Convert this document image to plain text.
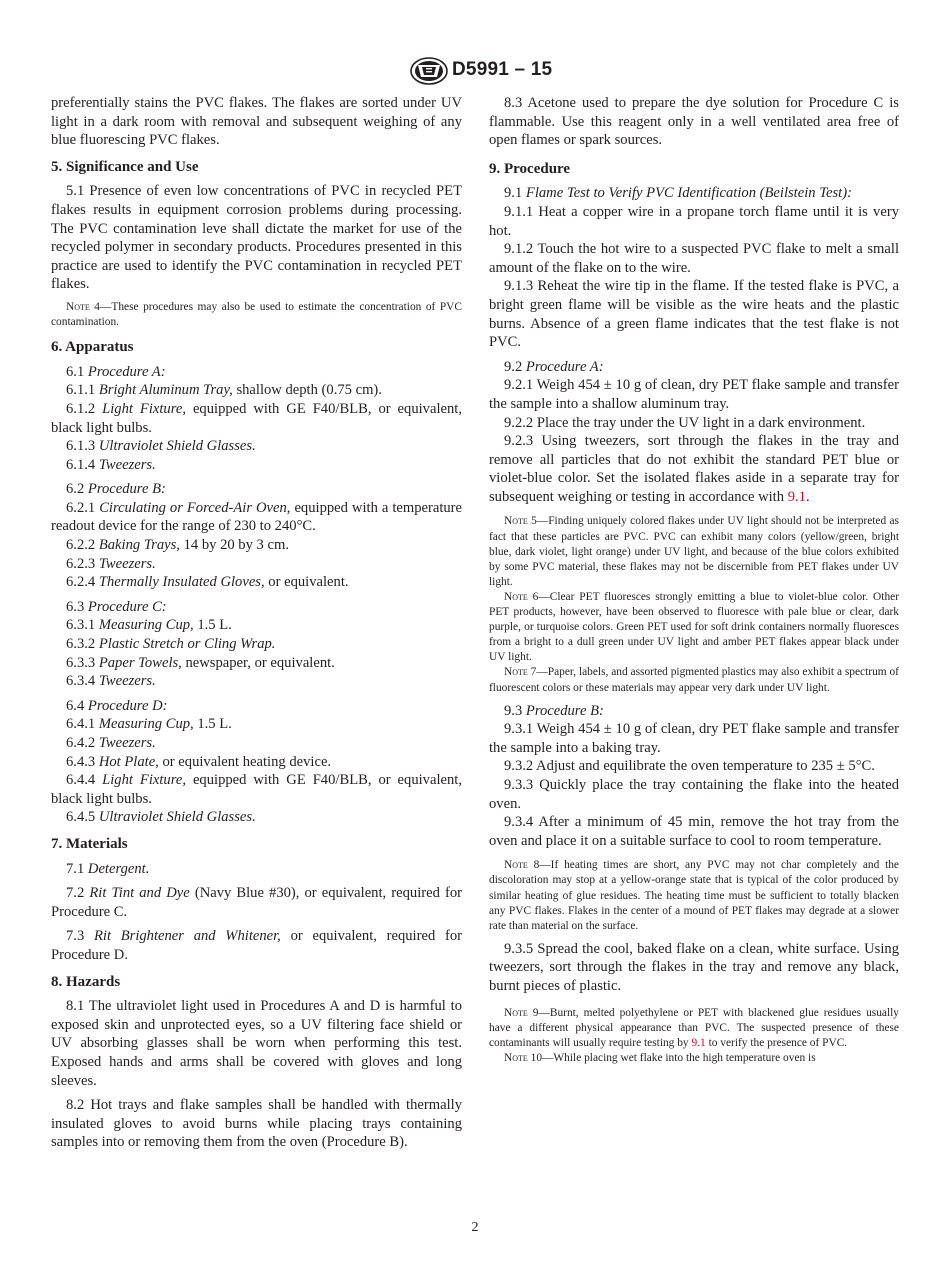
D5991 – 15

preferentially stains the PVC flakes. The flakes are sorted under UV light in a dark room with removal and subsequent weighing of any blue fluorescing PVC flakes.

5. Significance and Use

5.1 Presence of even low concentrations of PVC in recycled PET flakes results in equipment corrosion problems during processing. The PVC contamination leve shall dictate the market for use of the recycled polymer in secondary products. Procedures presented in this practice are used to identify the PVC contamination in recycled PET flakes.

Note 4—These procedures may also be used to estimate the concentration of PVC contamination.

6. Apparatus

6.1 Procedure A:

6.1.1 Bright Aluminum Tray, shallow depth (0.75 cm).

6.1.2 Light Fixture, equipped with GE F40/BLB, or equivalent, black light bulbs.

6.1.3 Ultraviolet Shield Glasses.

6.1.4 Tweezers.

6.2 Procedure B:

6.2.1 Circulating or Forced-Air Oven, equipped with a temperature readout device for the range of 230 to 240°C.

6.2.2 Baking Trays, 14 by 20 by 3 cm.

6.2.3 Tweezers.

6.2.4 Thermally Insulated Gloves, or equivalent.

6.3 Procedure C:

6.3.1 Measuring Cup, 1.5 L.

6.3.2 Plastic Stretch or Cling Wrap.

6.3.3 Paper Towels, newspaper, or equivalent.

6.3.4 Tweezers.

6.4 Procedure D:

6.4.1 Measuring Cup, 1.5 L.

6.4.2 Tweezers.

6.4.3 Hot Plate, or equivalent heating device.

6.4.4 Light Fixture, equipped with GE F40/BLB, or equivalent, black light bulbs.

6.4.5 Ultraviolet Shield Glasses.

7. Materials

7.1 Detergent.

7.2 Rit Tint and Dye (Navy Blue #30), or equivalent, required for Procedure C.

7.3 Rit Brightener and Whitener, or equivalent, required for Procedure D.

8. Hazards

8.1 The ultraviolet light used in Procedures A and D is harmful to exposed skin and unprotected eyes, so a UV filtering face shield or UV absorbing glasses shall be worn when performing this test. Exposed hands and arms shall be covered with gloves and long sleeves.

8.2 Hot trays and flake samples shall be handled with thermally insulated gloves to avoid burns while placing trays containing samples into or removing them from the oven (Procedure B).

8.3 Acetone used to prepare the dye solution for Procedure C is flammable. Use this reagent only in a well ventilated area free of open flames or spark sources.

9. Procedure

9.1 Flame Test to Verify PVC Identification (Beilstein Test):

9.1.1 Heat a copper wire in a propane torch flame until it is very hot.

9.1.2 Touch the hot wire to a suspected PVC flake to melt a small amount of the flake on to the wire.

9.1.3 Reheat the wire tip in the flame. If the tested flake is PVC, a bright green flame will be visible as the wire heats and the plastic burns. Absence of a green flame indicates that the test flake is not PVC.

9.2 Procedure A:

9.2.1 Weigh 454 ± 10 g of clean, dry PET flake sample and transfer the sample into a shallow aluminum tray.

9.2.2 Place the tray under the UV light in a dark environment.

9.2.3 Using tweezers, sort through the flakes in the tray and remove all particles that do not exhibit the standard PET blue or violet-blue color. Set the isolated flakes aside in a separate tray for subsequent weighing or testing in accordance with 9.1.

Note 5—Finding uniquely colored flakes under UV light should not be interpreted as fact that these particles are PVC. PVC can exhibit many colors (yellow/green, bright blue, dark violet, light orange) under UV light, and because of the blue colors exhibited by some PVC material, these flakes may not be discernible from PET flakes under UV light.

Note 6—Clear PET fluoresces strongly emitting a blue to violet-blue color. Other PET products, however, have been observed to fluoresce with pale blue or clear, dark purple, or turquoise colors. Green PET used for soft drink containers normally fluoresces from a bright to a dull green under UV light and amber PET flakes appear black under UV light.

Note 7—Paper, labels, and assorted pigmented plastics may also exhibit a spectrum of fluorescent colors or these materials may appear very dark under UV light.

9.3 Procedure B:

9.3.1 Weigh 454 ± 10 g of clean, dry PET flake sample and transfer the sample into a baking tray.

9.3.2 Adjust and equilibrate the oven temperature to 235 ± 5°C.

9.3.3 Quickly place the tray containing the flake into the heated oven.

9.3.4 After a minimum of 45 min, remove the hot tray from the oven and place it on a suitable surface to cool to room temperature.

Note 8—If heating times are short, any PVC may not char completely and the discoloration may stop at a yellow-orange state that is typical of the color produced by similar heating of glue residues. The heating time must be sufficient to totally blacken any PVC flakes. Flakes in the center of a mound of PET flakes may degrade at a slower rate than material on the surface.

9.3.5 Spread the cool, baked flake on a clean, white surface. Using tweezers, sort through the flakes in the tray and remove any black, burnt pieces of plastic.

Note 9—Burnt, melted polyethylene or PET with blackened glue residues usually have a different physical appearance than PVC. The suspected presence of these contaminants will usually require testing by 9.1 to verify the presence of PVC.

Note 10—While placing wet flake into the high temperature oven is

2
